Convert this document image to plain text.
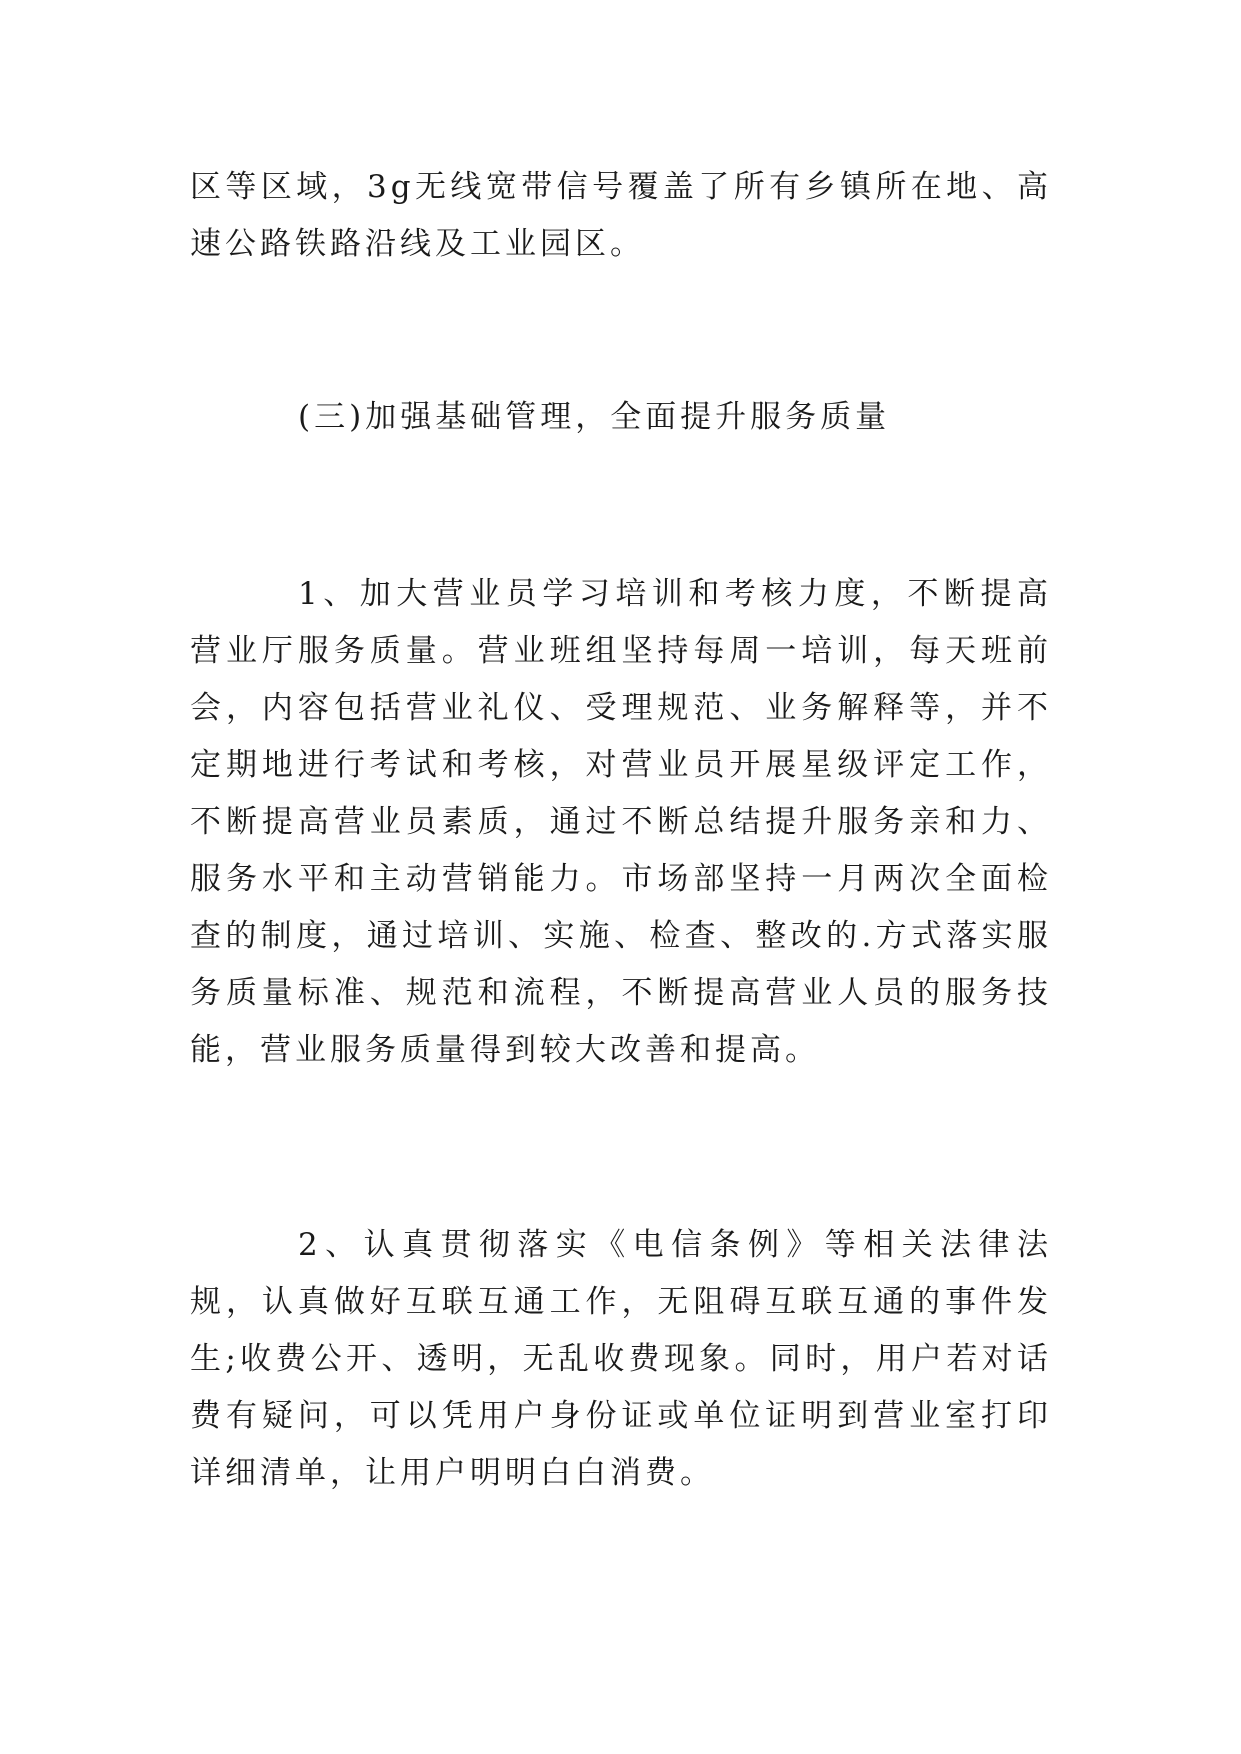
区等区域，3g无线宽带信号覆盖了所有乡镇所在地、高速公路铁路沿线及工业园区。

(三)加强基础管理，全面提升服务质量

1、加大营业员学习培训和考核力度，不断提高营业厅服务质量。营业班组坚持每周一培训，每天班前会，内容包括营业礼仪、受理规范、业务解释等，并不定期地进行考试和考核，对营业员开展星级评定工作，不断提高营业员素质，通过不断总结提升服务亲和力、服务水平和主动营销能力。市场部坚持一月两次全面检查的制度，通过培训、实施、检查、整改的.方式落实服务质量标准、规范和流程，不断提高营业人员的服务技能，营业服务质量得到较大改善和提高。

2、认真贯彻落实《电信条例》等相关法律法规，认真做好互联互通工作，无阻碍互联互通的事件发生;收费公开、透明，无乱收费现象。同时，用户若对话费有疑问，可以凭用户身份证或单位证明到营业室打印详细清单，让用户明明白白消费。
